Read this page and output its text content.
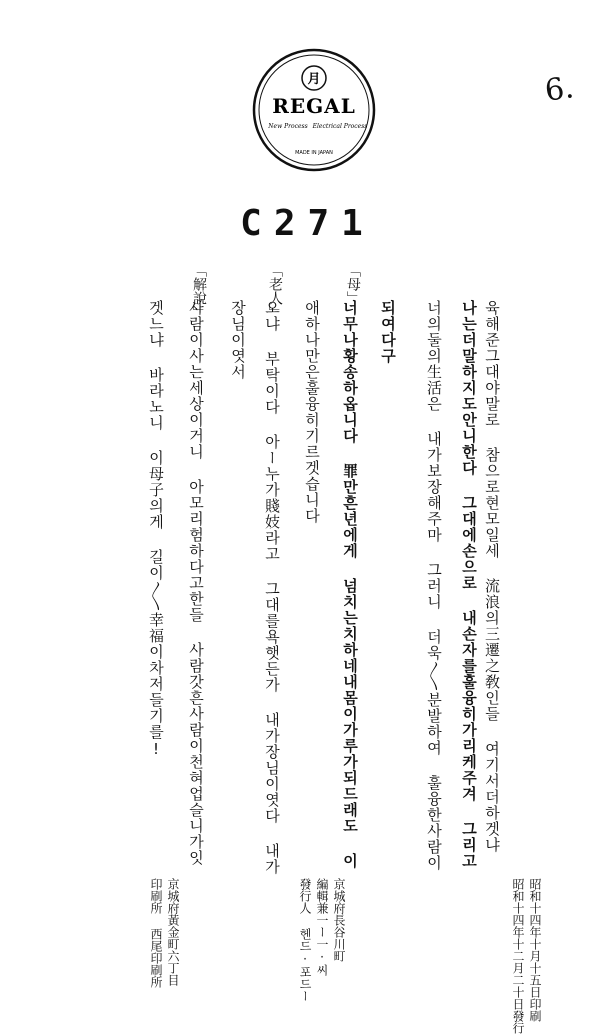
6.
月
REGAL
New Process Electrical Process
MADE IN JAPAN
C271
육해준그대야말로 참으로현모일세 流浪의三遷之敎인들 여기서더하겟냐
나는더말하지도안니한다 그대에손으로 내손자를훌융히가리케주겨 그리고
너의둘의生活은 내가보장해주마 그러니 더욱〳〵분발하여 훌융한사람이
되여다구
「母」
너무나황송하옵니다 罪만흔년에게 넘치는치하네내몸이가루가되드래도 이
애하나만은훌융히기르겟습니다
「老人」
오냐 부탁이다 아ー누가賤妓라고 그대를욕햇든가 내가장님이엿다 내가
장님이엿서
「解說」
사람이사는세상이거니 아모리험하다고한들 사람갓흔사람이천혀업슬니가잇
겟느냐 바라노니 이母子의게 길이〳〵幸福이차저들기를!
昭和十四年十月十五日印刷
昭和十四年十二月二十日發行
京城府長谷川町
編輯兼一ー一·씨
發行人 헨드·포드ー
京城府黃金町六丁目
印刷所 西尾印刷所
